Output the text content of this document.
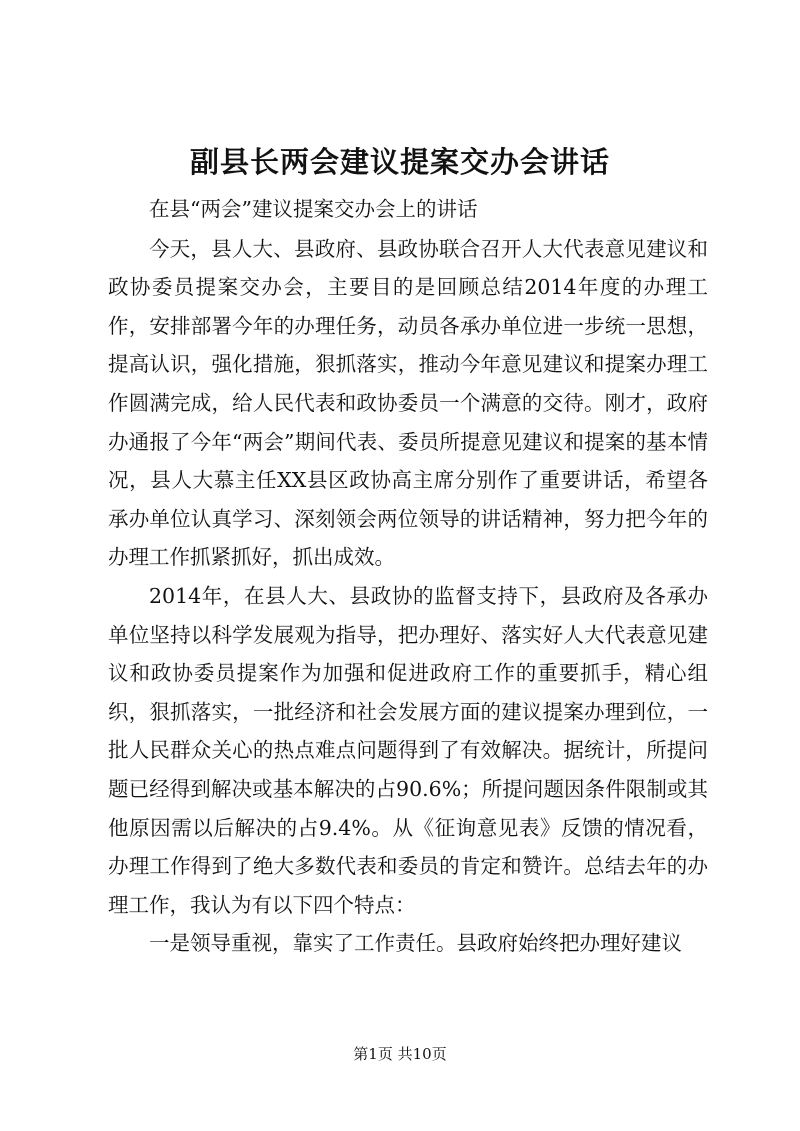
副县长两会建议提案交办会讲话

在县“两会”建议提案交办会上的讲话

今天，县人大、县政府、县政协联合召开人大代表意见建议和政协委员提案交办会，主要目的是回顾总结2014年度的办理工作，安排部署今年的办理任务，动员各承办单位进一步统一思想，提高认识，强化措施，狠抓落实，推动今年意见建议和提案办理工作圆满完成，给人民代表和政协委员一个满意的交待。刚才，政府办通报了今年“两会”期间代表、委员所提意见建议和提案的基本情况，县人大慕主任XX县区政协高主席分别作了重要讲话，希望各承办单位认真学习、深刻领会两位领导的讲话精神，努力把今年的办理工作抓紧抓好，抓出成效。

2014年，在县人大、县政协的监督支持下，县政府及各承办单位坚持以科学发展观为指导，把办理好、落实好人大代表意见建议和政协委员提案作为加强和促进政府工作的重要抓手，精心组织，狠抓落实，一批经济和社会发展方面的建议提案办理到位，一批人民群众关心的热点难点问题得到了有效解决。据统计，所提问题已经得到解决或基本解决的占90.6%；所提问题因条件限制或其他原因需以后解决的占9.4%。从《征询意见表》反馈的情况看，办理工作得到了绝大多数代表和委员的肯定和赞许。总结去年的办理工作，我认为有以下四个特点：

一是领导重视，靠实了工作责任。县政府始终把办理好建议

第1页 共10页
